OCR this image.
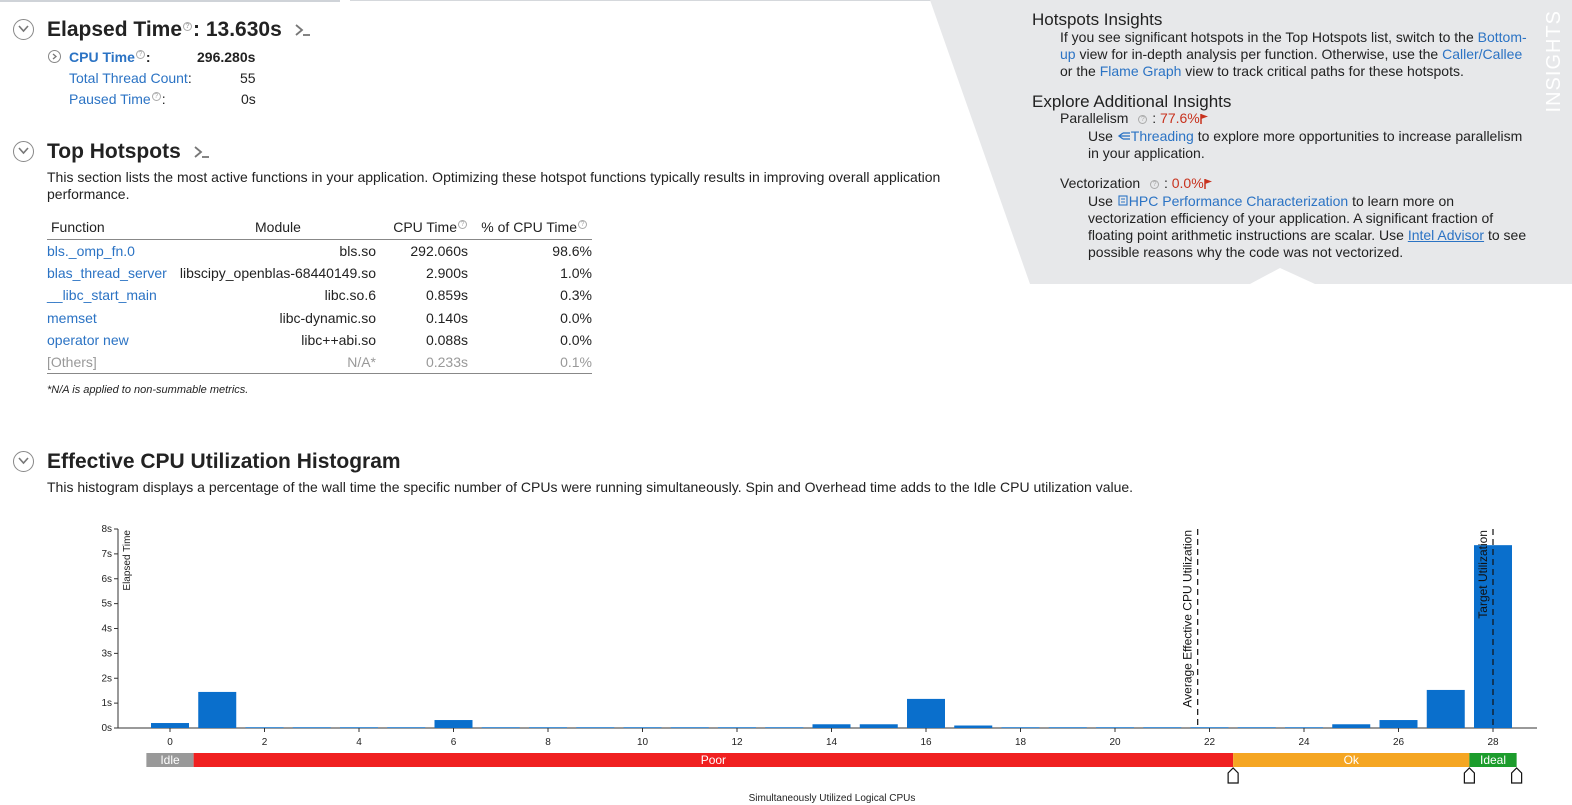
Elapsed Time ? : 13.630s
CPU Time ? :	296.280s
Total Thread Count:	55
Paused Time ? :	0s
Top Hotspots
This section lists the most active functions in your application. Optimizing these hotspot functions typically results in improving overall application performance.
Function	Module	CPU Time ?	% of CPU Time ?
bls._omp_fn.0	bls.so	292.060s	98.6%
blas_thread_server	libscipy_openblas-68440149.so	2.900s	1.0%
__libc_start_main	libc.so.6	0.859s	0.3%
memset	libc-dynamic.so	0.140s	0.0%
operator new	libc++abi.so	0.088s	0.0%
[Others]	N/A*	0.233s	0.1%
*N/A is applied to non-summable metrics.
INSIGHTS
Hotspots Insights
If you see significant hotspots in the Top Hotspots list, switch to the Bottom-up view for in-depth analysis per function. Otherwise, use the Caller/Callee or the Flame Graph view to track critical paths for these hotspots.
Explore Additional Insights
Parallelism ? : 77.6%
Use Threading to explore more opportunities to increase parallelism in your application.
Vectorization ? : 0.0%
Use HPC Performance Characterization to learn more on vectorization efficiency of your application. A significant fraction of floating point arithmetic instructions are scalar. Use Intel Advisor to see possible reasons why the code was not vectorized.
Effective CPU Utilization Histogram
This histogram displays a percentage of the wall time the specific number of CPUs were running simultaneously. Spin and Overhead time adds to the Idle CPU utilization value.
0s
1s
2s
3s
4s
5s
6s
7s
8s
Elapsed Time
0	2	4	6	8	10	12	14	16	18	20	22	24	26	28
Average Effective CPU Utilization	Target Utilization
Idle	Poor	Ok	Ideal
Simultaneously Utilized Logical CPUs
